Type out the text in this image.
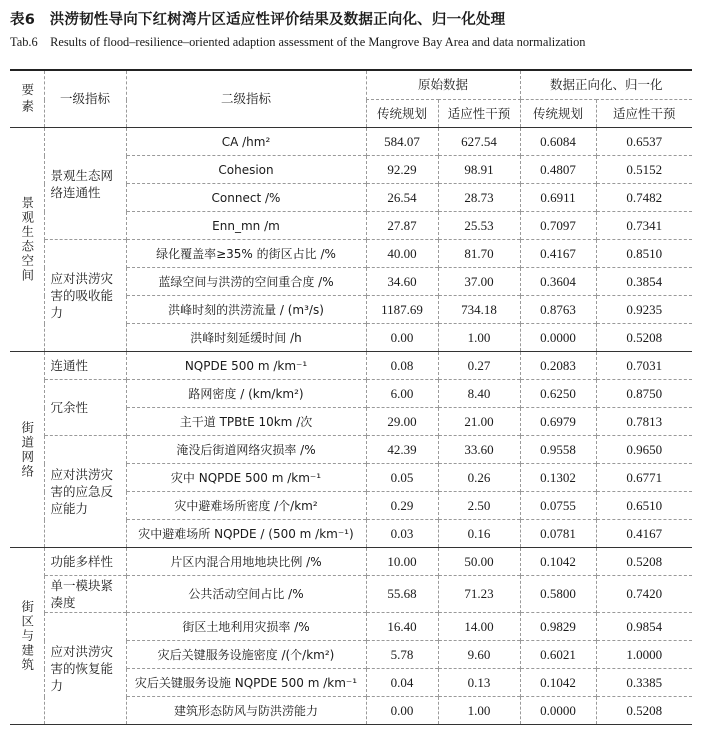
表6　洪涝韧性导向下红树湾片区适应性评价结果及数据正向化、归一化处理
Tab.6　Results of flood–resilience–oriented adaption assessment of the Mangrove Bay Area and data normalization
要素	一级指标	二级指标	原始数据		数据正向化、归一化	
			传统规划	适应性干预	传统规划	适应性干预
景观生态空间	景观生态网络连通性	CA /hm²	584.07	627.54	0.6084	0.6537
		Cohesion	92.29	98.91	0.4807	0.5152
		Connect /%	26.54	28.73	0.6911	0.7482
		Enn_mn /m	27.87	25.53	0.7097	0.7341
	应对洪涝灾害的吸收能力	绿化覆盖率≥35% 的街区占比 /%	40.00	81.70	0.4167	0.8510
		蓝绿空间与洪涝的空间重合度 /%	34.60	37.00	0.3604	0.3854
		洪峰时刻的洪涝流量 / (m³/s)	1187.69	734.18	0.8763	0.9235
		洪峰时刻延缓时间 /h	0.00	1.00	0.0000	0.5208
街道网络	连通性	NQPDE 500 m /km⁻¹	0.08	0.27	0.2083	0.7031
	冗余性	路网密度 / (km/km²)	6.00	8.40	0.6250	0.8750
		主干道 TPBtE 10km /次	29.00	21.00	0.6979	0.7813
	应对洪涝灾害的应急反应能力	淹没后街道网络灾损率 /%	42.39	33.60	0.9558	0.9650
		灾中 NQPDE 500 m /km⁻¹	0.05	0.26	0.1302	0.6771
		灾中避难场所密度 /个/km²	0.29	2.50	0.0755	0.6510
		灾中避难场所 NQPDE / (500 m /km⁻¹)	0.03	0.16	0.0781	0.4167
街区与建筑	功能多样性	片区内混合用地地块比例 /%	10.00	50.00	0.1042	0.5208
	单一模块紧凑度	公共活动空间占比 /%	55.68	71.23	0.5800	0.7420
	应对洪涝灾害的恢复能力	街区土地利用灾损率 /%	16.40	14.00	0.9829	0.9854
		灾后关键服务设施密度 /(个/km²)	5.78	9.60	0.6021	1.0000
		灾后关键服务设施 NQPDE 500 m /km⁻¹	0.04	0.13	0.1042	0.3385
		建筑形态防风与防洪涝能力	0.00	1.00	0.0000	0.5208
